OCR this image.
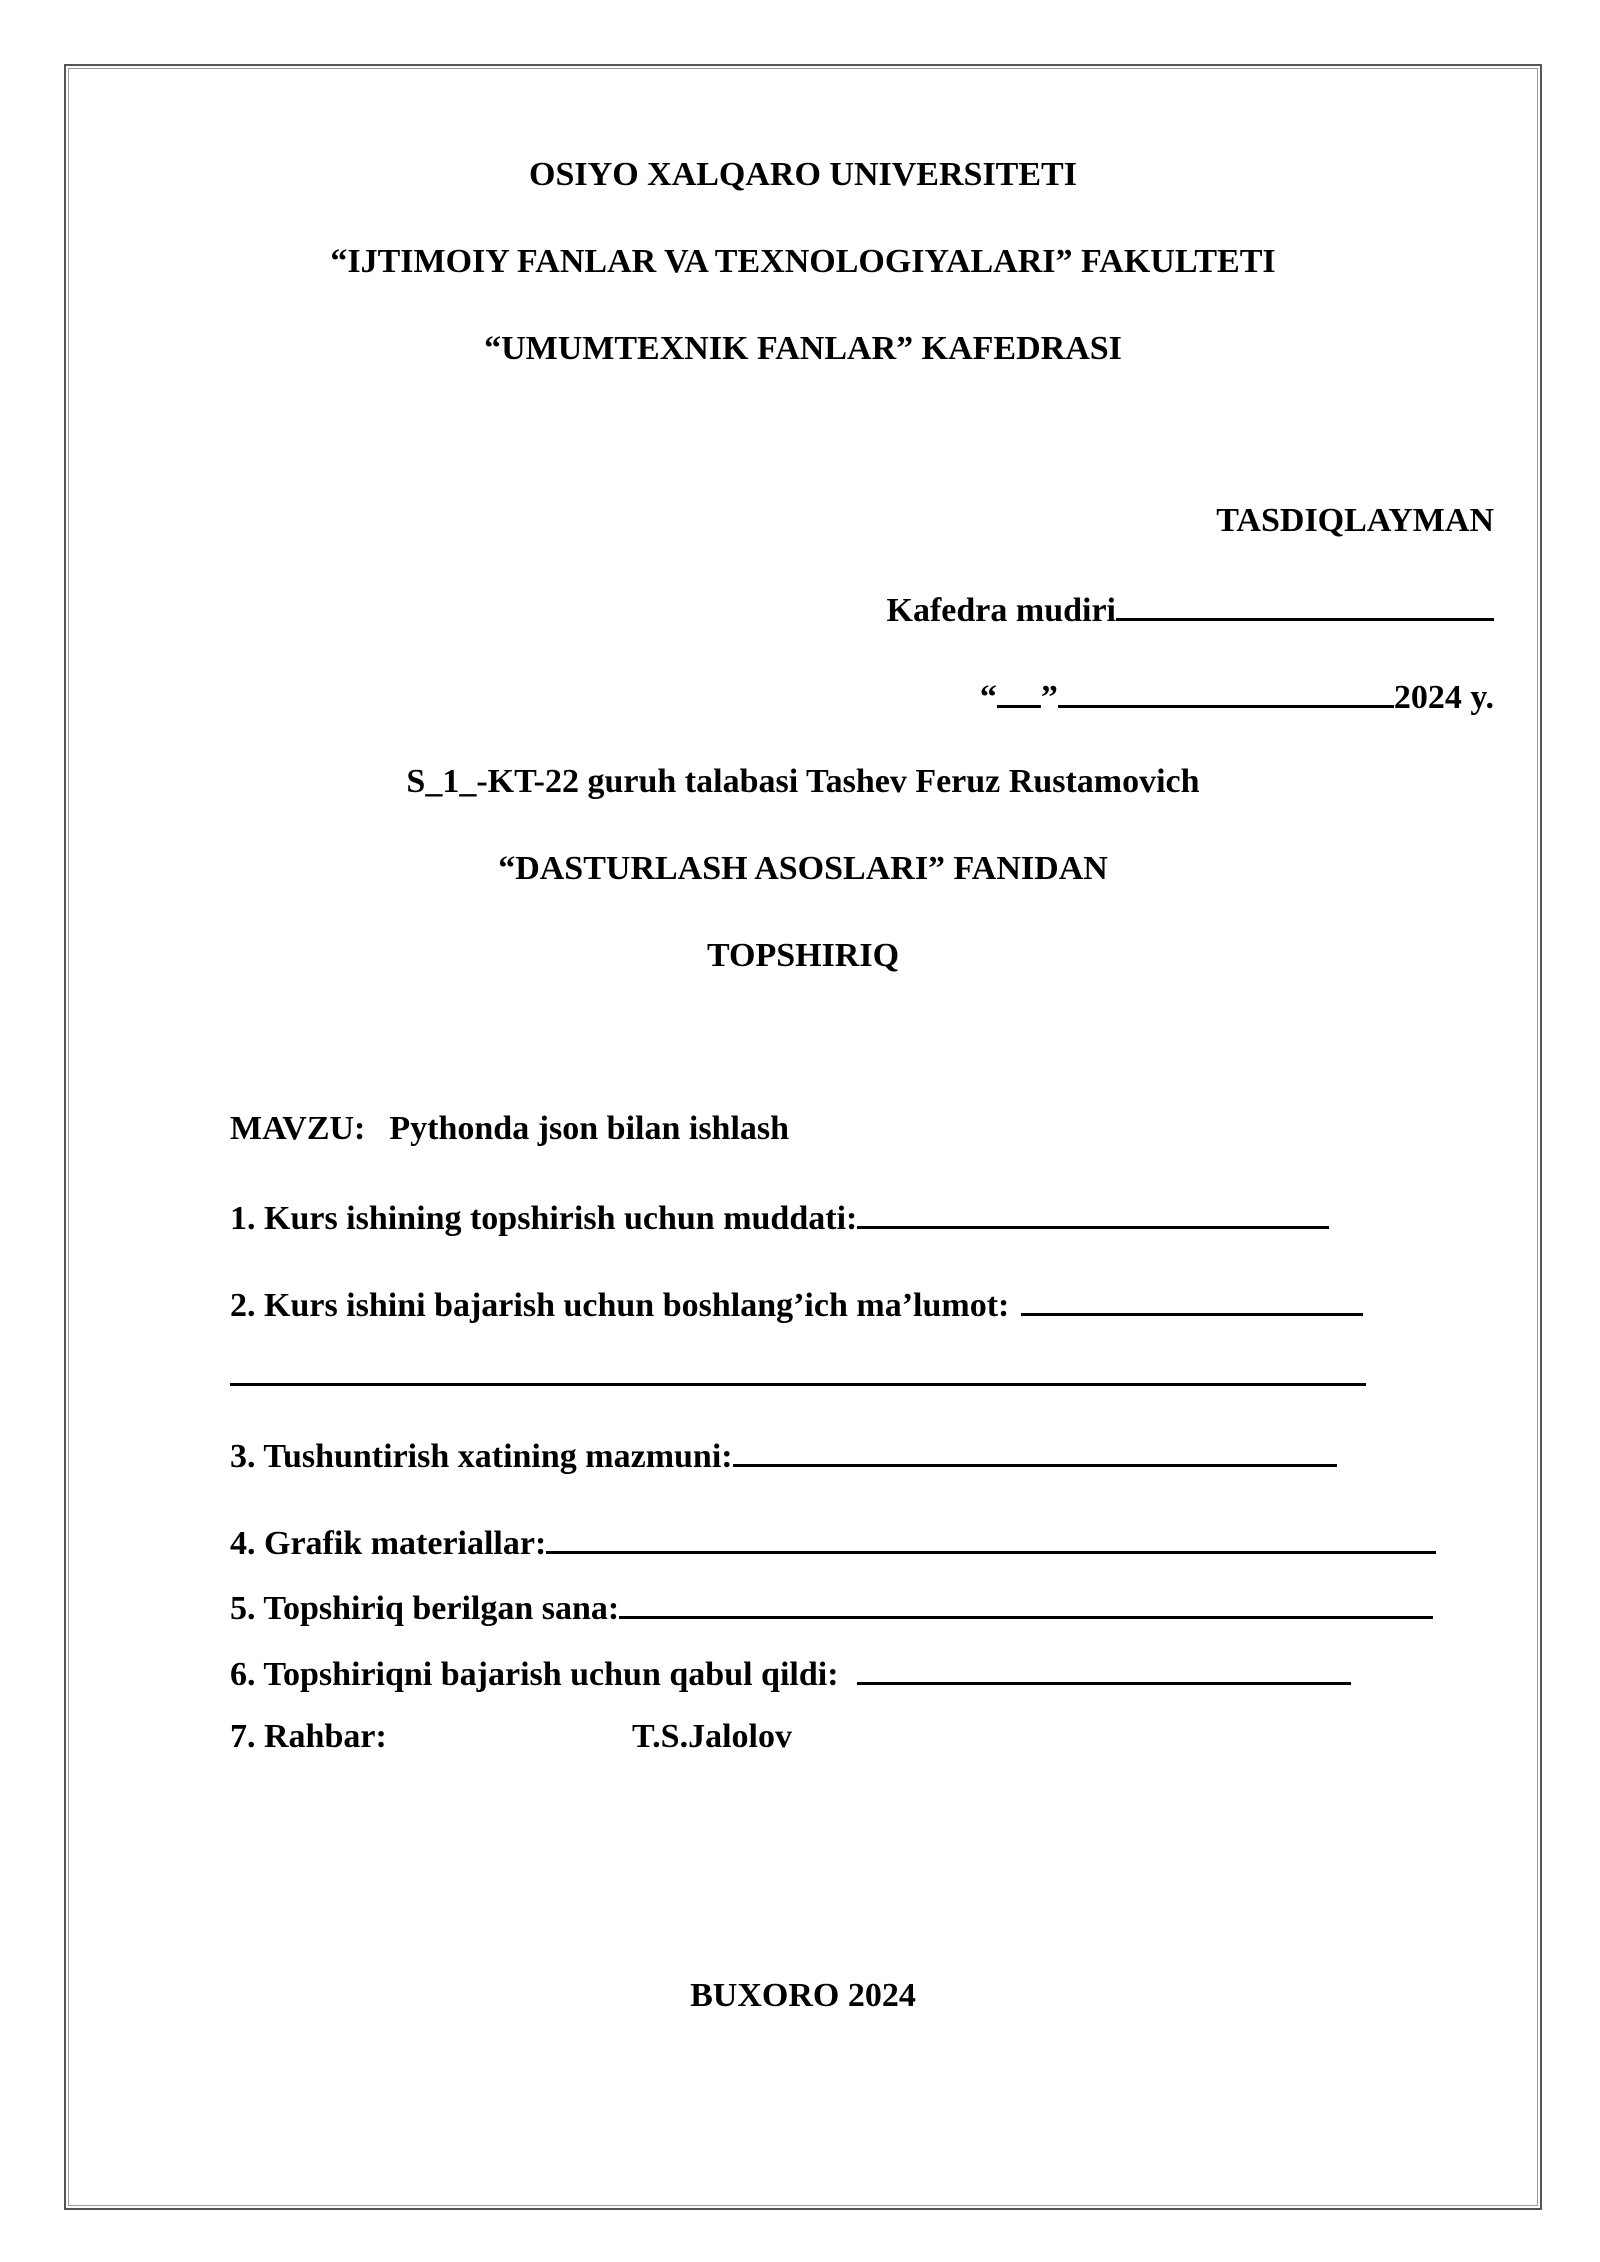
OSIYO XALQARO UNIVERSITETI
“IJTIMOIY FANLAR VA TEXNOLOGIYALARI” FAKULTETI
“UMUMTEXNIK FANLAR” KAFEDRASI
TASDIQLAYMAN
Kafedra mudiri
“ ”	2024 y.
S_1_-KT-22 guruh talabasi Tashev Feruz Rustamovich
“DASTURLASH ASOSLARI” FANIDAN
TOPSHIRIQ
MAVZU: Pythonda json bilan ishlash
1. Kurs ishining topshirish uchun muddati:
2. Kurs ishini bajarish uchun boshlang’ich ma’lumot:
3. Tushuntirish xatining mazmuni:
4. Grafik materiallar:
5. Topshiriq berilgan sana:
6. Topshiriqni bajarish uchun qabul qildi:
7. Rahbar:	T.S.Jalolov
BUXORO 2024
